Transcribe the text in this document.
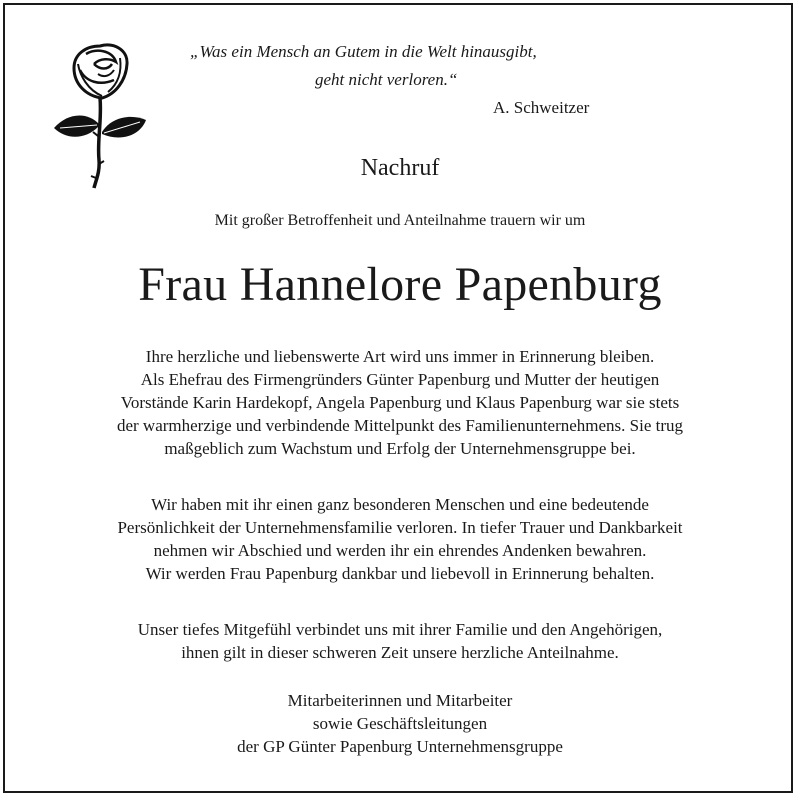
„Was ein Mensch an Gutem in die Welt hinausgibt,
geht nicht verloren.“
A. Schweitzer
Nachruf
Mit großer Betroffenheit und Anteilnahme trauern wir um
Frau Hannelore Papenburg
Ihre herzliche und liebenswerte Art wird uns immer in Erinnerung bleiben.
Als Ehefrau des Firmengründers Günter Papenburg und Mutter der heutigen
Vorstände Karin Hardekopf, Angela Papenburg und Klaus Papenburg war sie stets
der warmherzige und verbindende Mittelpunkt des Familienunternehmens. Sie trug
maßgeblich zum Wachstum und Erfolg der Unternehmensgruppe bei.
Wir haben mit ihr einen ganz besonderen Menschen und eine bedeutende
Persönlichkeit der Unternehmensfamilie verloren. In tiefer Trauer und Dankbarkeit
nehmen wir Abschied und werden ihr ein ehrendes Andenken bewahren.
Wir werden Frau Papenburg dankbar und liebevoll in Erinnerung behalten.
Unser tiefes Mitgefühl verbindet uns mit ihrer Familie und den Angehörigen,
ihnen gilt in dieser schweren Zeit unsere herzliche Anteilnahme.
Mitarbeiterinnen und Mitarbeiter
sowie Geschäftsleitungen
der GP Günter Papenburg Unternehmensgruppe
